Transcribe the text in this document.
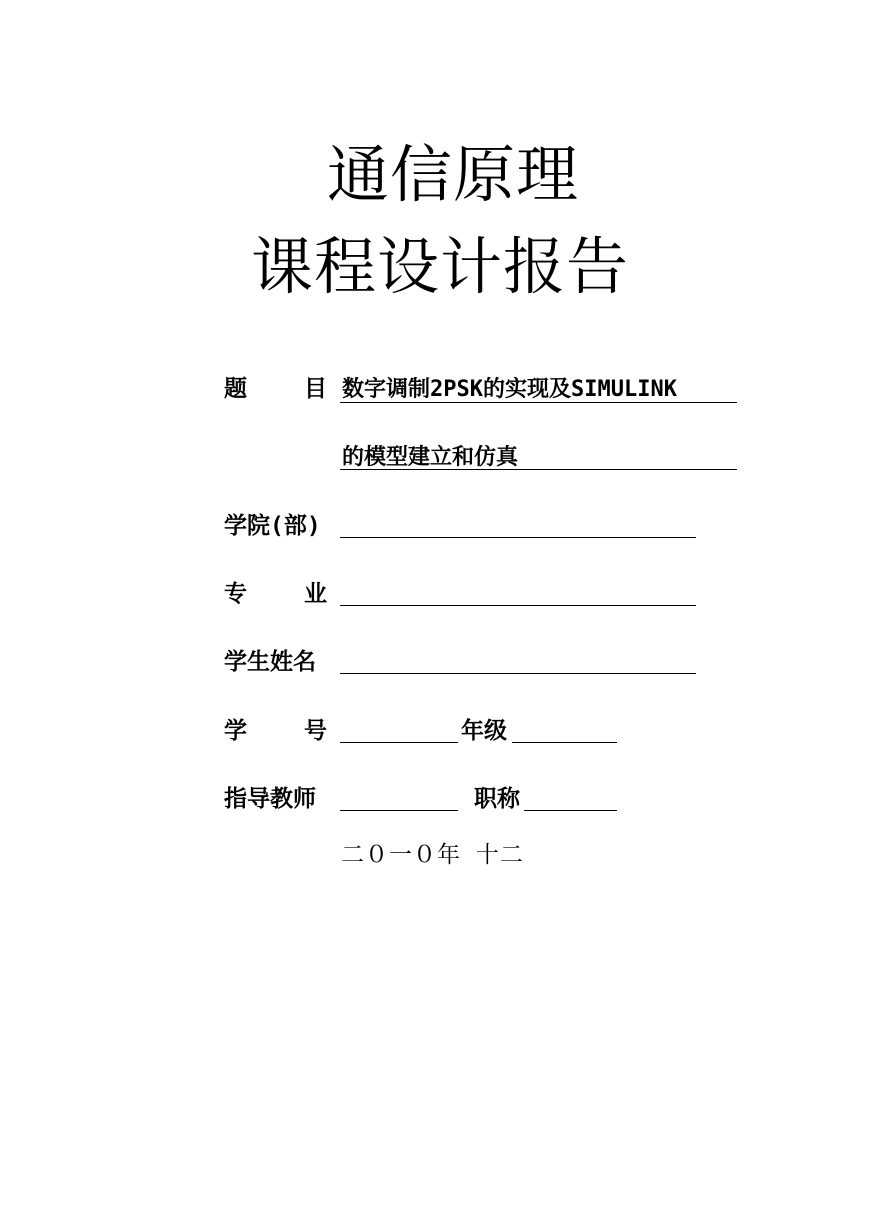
通信原理
课程设计报告
题 目 数字调制2PSK的实现及SIMULINK
的模型建立和仿真
学院(部)
专 业
学生姓名
学 号	年级
指导教师	职称
二０一０年 十二
